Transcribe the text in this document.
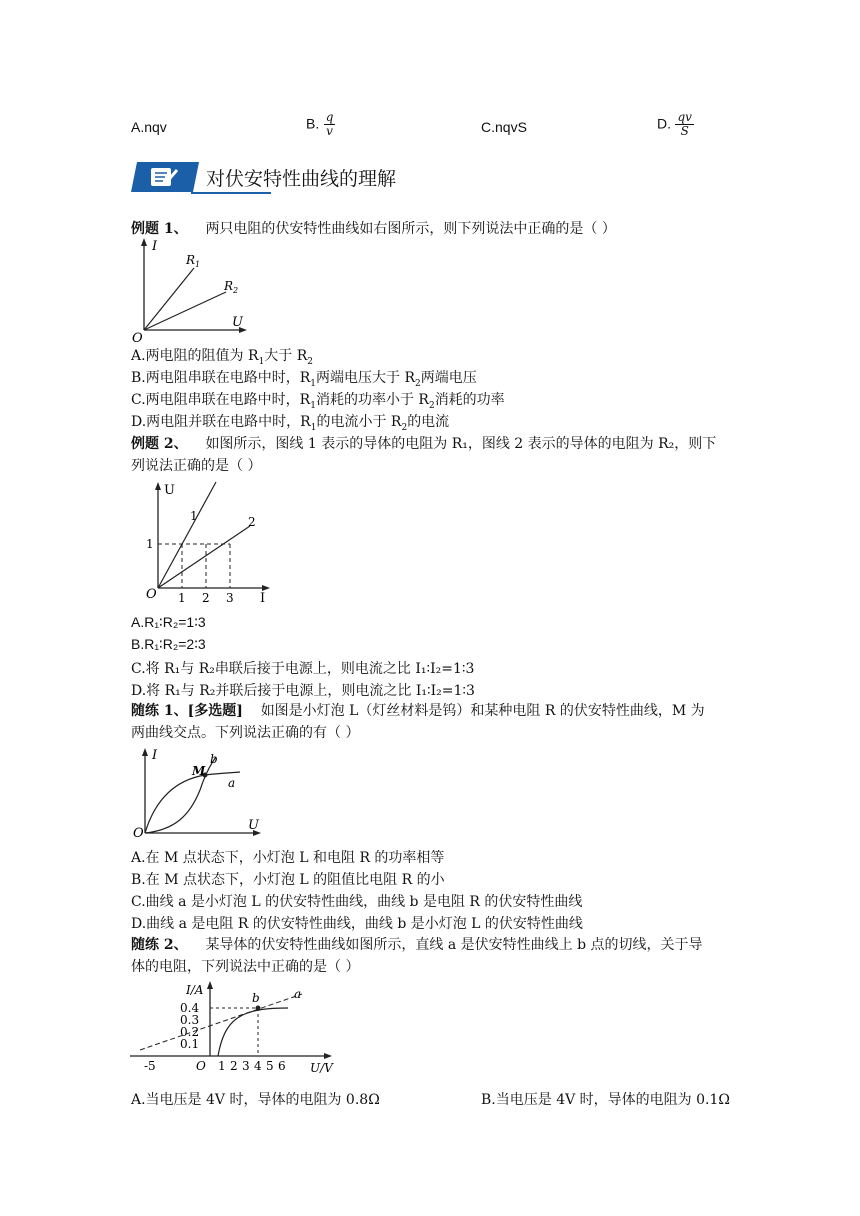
A.nqv	B. $\frac{q}{v}$	C.nqvS	D. $\frac{qv}{S}$
对伏安特性曲线的理解
例题 1、 两只电阻的伏安特性曲线如右图所示，则下列说法中正确的是（ ）
I
U
O
$R_1$
$R_2$
A.两电阻的阻值为 $R_1$大于 $R_2$
B.两电阻串联在电路中时，$R_1$两端电压大于 $R_2$两端电压
C.两电阻串联在电路中时，$R_1$消耗的功率小于 $R_2$消耗的功率
D.两电阻并联在电路中时，$R_1$的电流小于 $R_2$的电流
例题 2、 如图所示，图线 1 表示的导体的电阻为 R₁，图线 2 表示的导体的电阻为 R₂，则下
列说法正确的是（ ）
U
I
O
1	2
1
1 2 3
A.R₁∶R₂=1∶3
B.R₁∶R₂=2∶3
C.将 R₁与 R₂串联后接于电源上，则电流之比 I₁∶I₂=1∶3
D.将 R₁与 R₂并联后接于电源上，则电流之比 I₁∶I₂=1∶3
随练 1、[多选题] 如图是小灯泡 L（灯丝材料是钨）和某种电阻 R 的伏安特性曲线，M 为
两曲线交点。下列说法正确的有（ ）
I
U
O
M
a
b
A.在 M 点状态下，小灯泡 L 和电阻 R 的功率相等
B.在 M 点状态下，小灯泡 L 的阻值比电阻 R 的小
C.曲线 a 是小灯泡 L 的伏安特性曲线，曲线 b 是电阻 R 的伏安特性曲线
D.曲线 a 是电阻 R 的伏安特性曲线，曲线 b 是小灯泡 L 的伏安特性曲线
随练 2、 某导体的伏安特性曲线如图所示，直线 a 是伏安特性曲线上 b 点的切线，关于导
体的电阻，下列说法中正确的是（ ）
I/A
U/V
O
0.4
0.3
0.2
0.1
1 2 3 4 5 6
-5
b	a
A.当电压是 4V 时，导体的电阻为 0.8Ω	B.当电压是 4V 时，导体的电阻为 0.1Ω
